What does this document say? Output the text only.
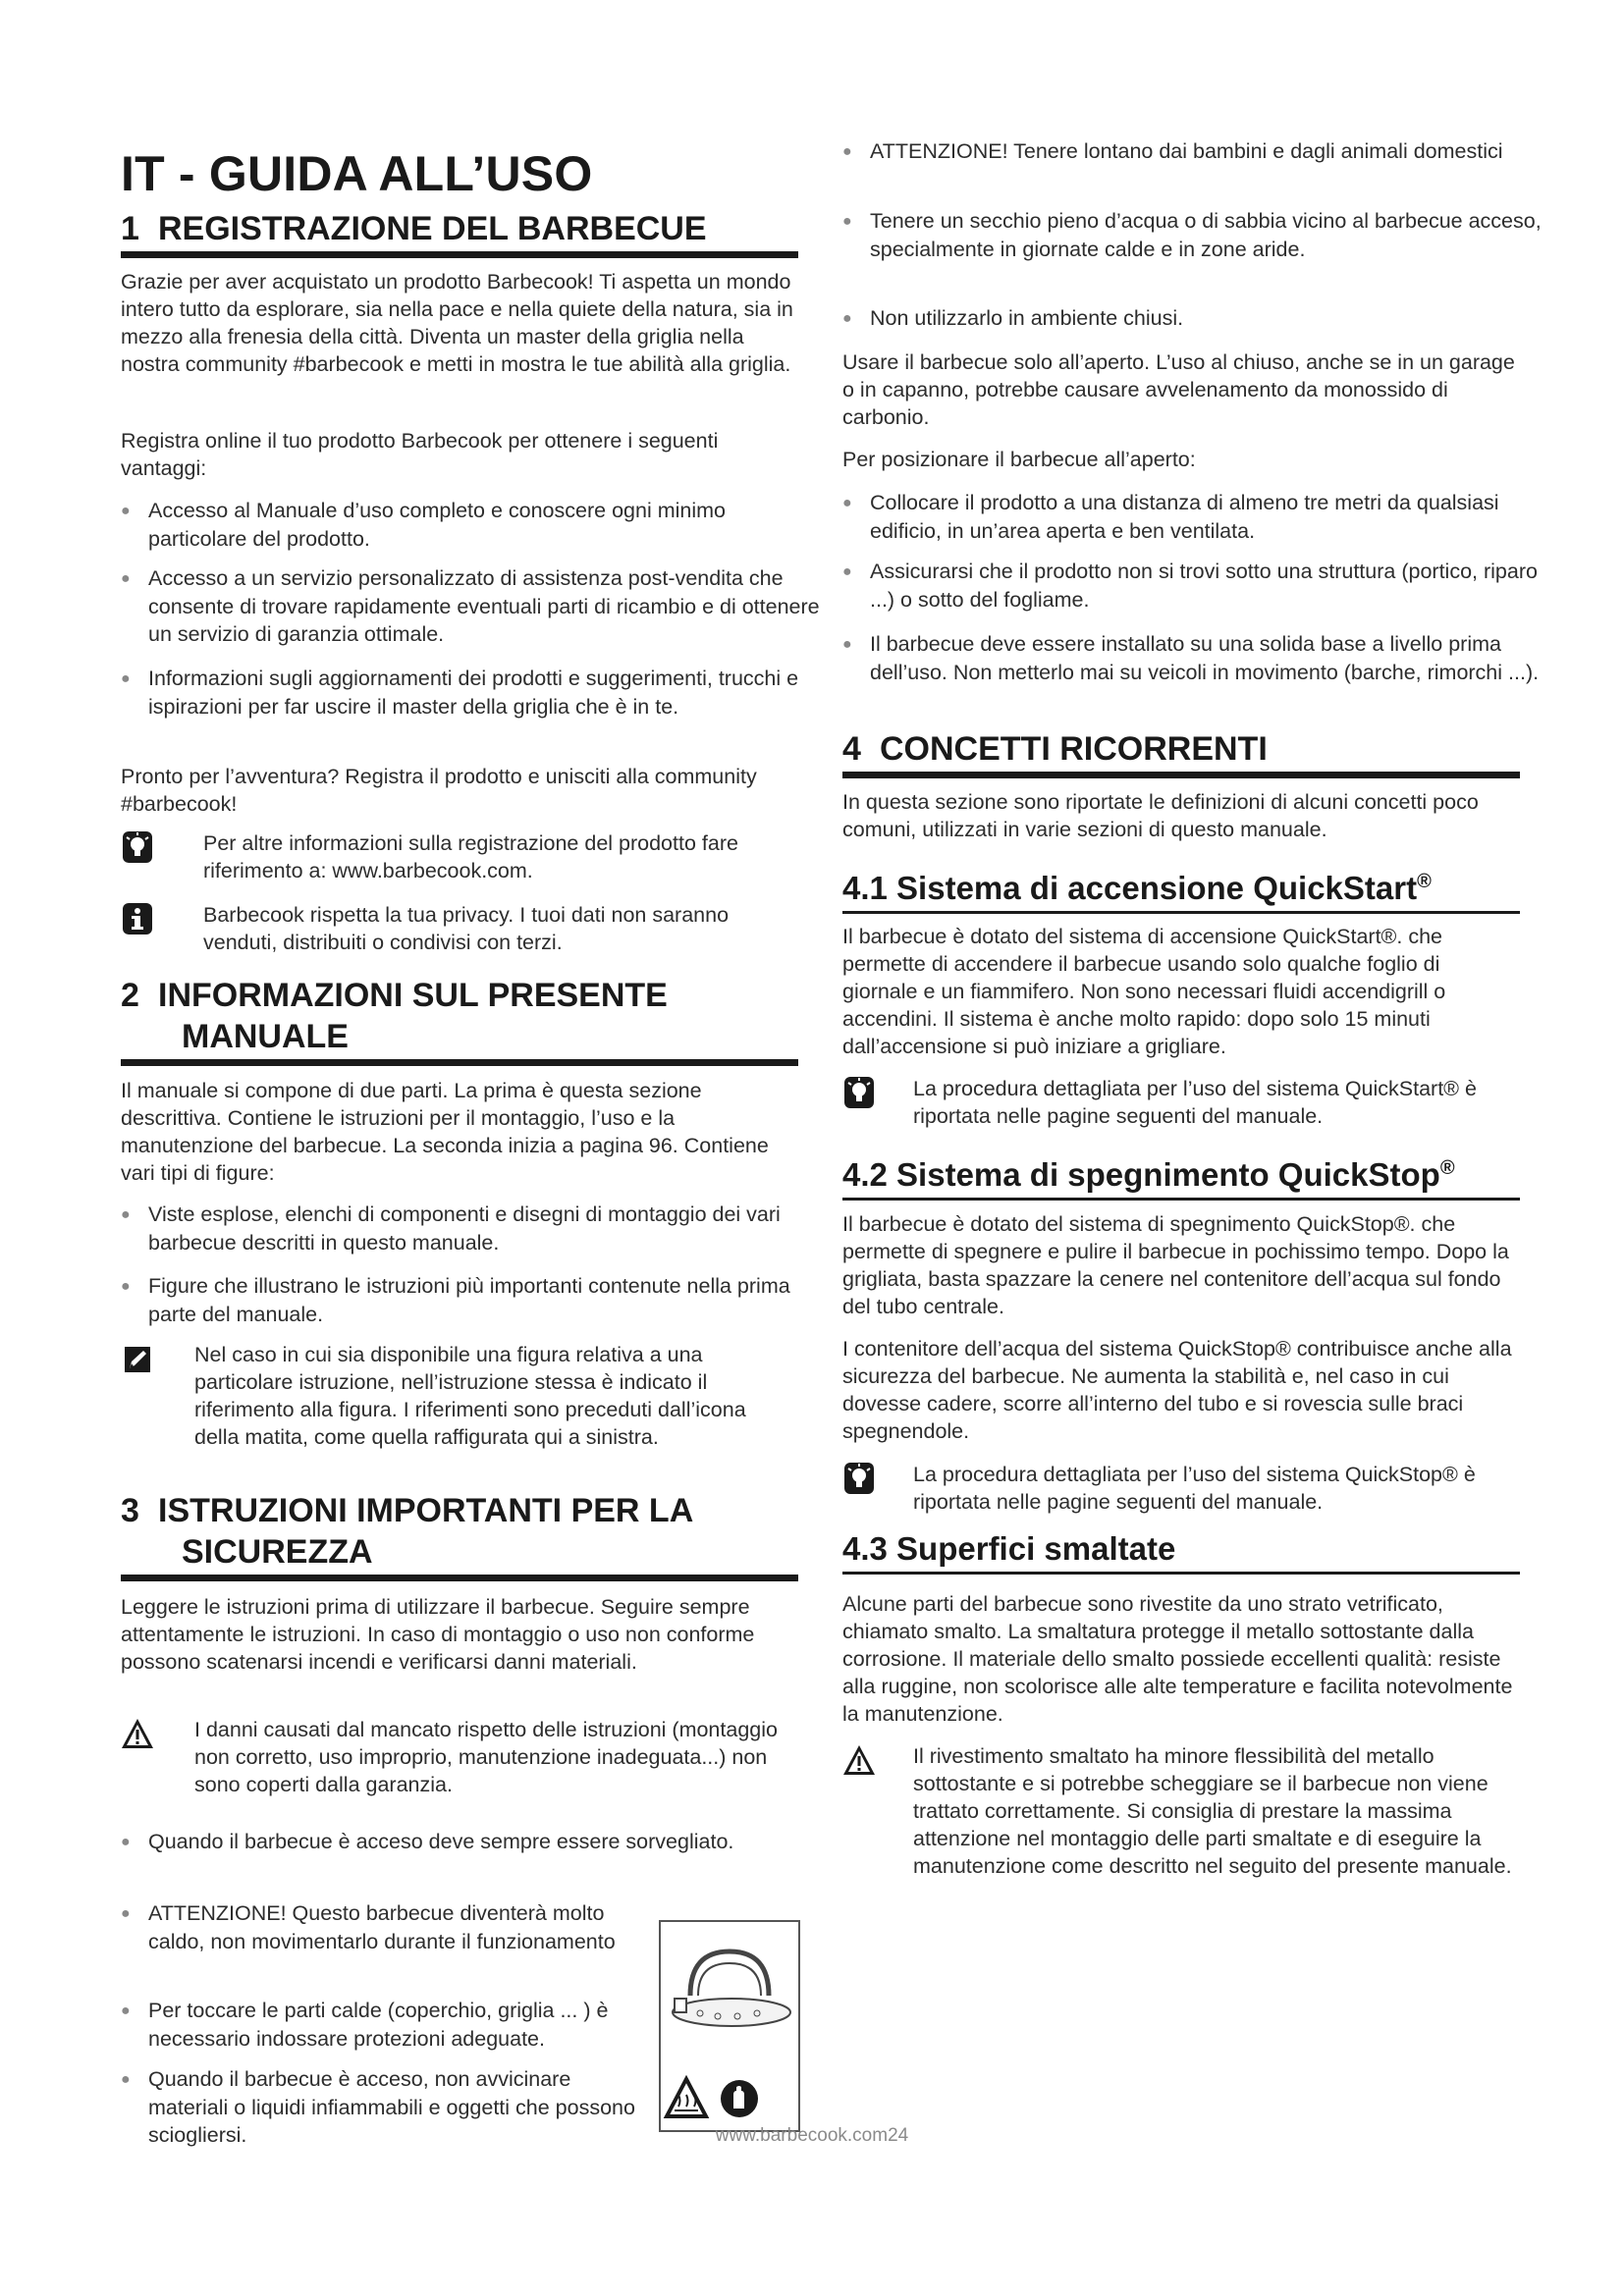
IT - GUIDA ALL’USO
1 REGISTRAZIONE DEL BARBECUE

Grazie per aver acquistato un prodotto Barbecook! Ti aspetta un mondo intero tutto da esplorare, sia nella pace e nella quiete della natura, sia in mezzo alla frenesia della città. Diventa un master della griglia nella nostra community #barbecook e metti in mostra le tue abilità alla griglia.

Registra online il tuo prodotto Barbecook per ottenere i seguenti vantaggi:

● Accesso al Manuale d’uso completo e conoscere ogni minimo particolare del prodotto.
● Accesso a un servizio personalizzato di assistenza post-vendita che consente di trovare rapidamente eventuali parti di ricambio e di ottenere un servizio di garanzia ottimale.
● Informazioni sugli aggiornamenti dei prodotti e suggerimenti, trucchi e ispirazioni per far uscire il master della griglia che è in te.

Pronto per l’avventura? Registra il prodotto e unisciti alla community #barbecook!

Per altre informazioni sulla registrazione del prodotto fare riferimento a: www.barbecook.com.

Barbecook rispetta la tua privacy. I tuoi dati non saranno venduti, distribuiti o condivisi con terzi.

2 INFORMAZIONI SUL PRESENTE
MANUALE

Il manuale si compone di due parti. La prima è questa sezione descrittiva. Contiene le istruzioni per il montaggio, l’uso e la manutenzione del barbecue. La seconda inizia a pagina 96. Contiene vari tipi di figure:

● Viste esplose, elenchi di componenti e disegni di montaggio dei vari barbecue descritti in questo manuale.
● Figure che illustrano le istruzioni più importanti contenute nella prima parte del manuale.

Nel caso in cui sia disponibile una figura relativa a una particolare istruzione, nell’istruzione stessa è indicato il riferimento alla figura. I riferimenti sono preceduti dall’icona della matita, come quella raffigurata qui a sinistra.

3 ISTRUZIONI IMPORTANTI PER LA
SICUREZZA

Leggere le istruzioni prima di utilizzare il barbecue. Seguire sempre attentamente le istruzioni. In caso di montaggio o uso non conforme possono scatenarsi incendi e verificarsi danni materiali.

I danni causati dal mancato rispetto delle istruzioni (montaggio non corretto, uso improprio, manutenzione inadeguata...) non sono coperti dalla garanzia.

● Quando il barbecue è acceso deve sempre essere sorvegliato.
● ATTENZIONE! Questo barbecue diventerà molto caldo, non movimentarlo durante il funzionamento
● Per toccare le parti calde (coperchio, griglia ... ) è necessario indossare protezioni adeguate.
● Quando il barbecue è acceso, non avvicinare materiali o liquidi infiammabili e oggetti che possono sciogliersi.
● ATTENZIONE! Tenere lontano dai bambini e dagli animali domestici
● Tenere un secchio pieno d’acqua o di sabbia vicino al barbecue acceso, specialmente in giornate calde e in zone aride.
● Non utilizzarlo in ambiente chiusi.

Usare il barbecue solo all’aperto. L’uso al chiuso, anche se in un garage o in capanno, potrebbe causare avvelenamento da monossido di carbonio.

Per posizionare il barbecue all’aperto:

● Collocare il prodotto a una distanza di almeno tre metri da qualsiasi edificio, in un’area aperta e ben ventilata.
● Assicurarsi che il prodotto non si trovi sotto una struttura (portico, riparo ...) o sotto del fogliame.
● Il barbecue deve essere installato su una solida base a livello prima dell’uso. Non metterlo mai su veicoli in movimento (barche, rimorchi ...).
4 CONCETTI RICORRENTI

In questa sezione sono riportate le definizioni di alcuni concetti poco comuni, utilizzati in varie sezioni di questo manuale.

4.1 Sistema di accensione QuickStart®

Il barbecue è dotato del sistema di accensione QuickStart®. che permette di accendere il barbecue usando solo qualche foglio di giornale e un fiammifero. Non sono necessari fluidi accendigrill o accendini. Il sistema è anche molto rapido: dopo solo 15 minuti dall’accensione si può iniziare a grigliare.

La procedura dettagliata per l’uso del sistema QuickStart® è riportata nelle pagine seguenti del manuale.

4.2 Sistema di spegnimento QuickStop®

Il barbecue è dotato del sistema di spegnimento QuickStop®. che permette di spegnere e pulire il barbecue in pochissimo tempo. Dopo la grigliata, basta spazzare la cenere nel contenitore dell’acqua sul fondo del tubo centrale.

I contenitore dell’acqua del sistema QuickStop® contribuisce anche alla sicurezza del barbecue. Ne aumenta la stabilità e, nel caso in cui dovesse cadere, scorre all’interno del tubo e si rovescia sulle braci spegnendole.

La procedura dettagliata per l’uso del sistema QuickStop® è riportata nelle pagine seguenti del manuale.

4.3 Superfici smaltate

Alcune parti del barbecue sono rivestite da uno strato vetrificato, chiamato smalto. La smaltatura protegge il metallo sottostante dalla corrosione. Il materiale dello smalto possiede eccellenti qualità: resiste alla ruggine, non scolorisce alle alte temperature e facilita notevolmente la manutenzione.

Il rivestimento smaltato ha minore flessibilità del metallo sottostante e si potrebbe scheggiare se il barbecue non viene trattato correttamente. Si consiglia di prestare la massima attenzione nel montaggio delle parti smaltate e di eseguire la manutenzione come descritto nel seguito del presente manuale.

www.barbecook.com24
